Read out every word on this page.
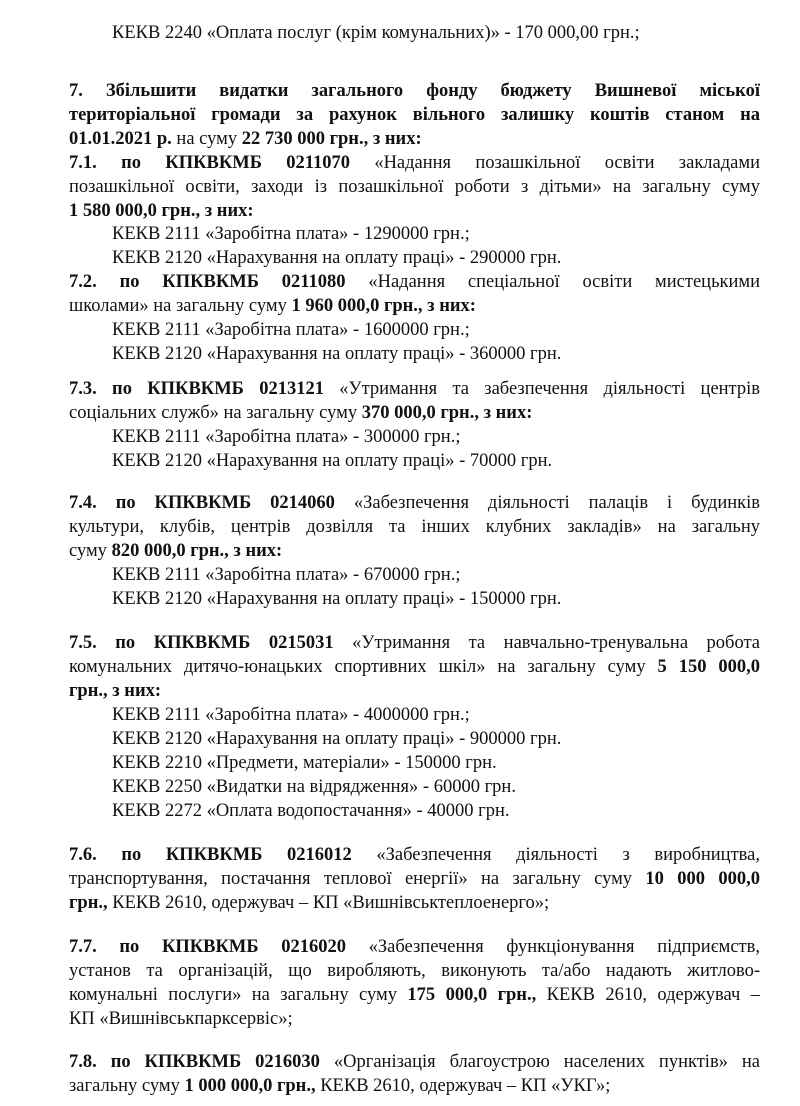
КЕКВ 2240 «Оплата послуг (крім комунальних)» - 170 000,00 грн.;
7. Збільшити видатки загального фонду бюджету Вишневої міської
територіальної громади за рахунок вільного залишку коштів станом на
01.01.2021 р. на суму 22 730 000 грн., з них:
7.1. по КПКВКМБ 0211070 «Надання позашкільної освіти закладами
позашкільної освіти, заходи із позашкільної роботи з дітьми» на загальну суму
1 580 000,0 грн., з них:
КЕКВ 2111 «Заробітна плата» - 1290000 грн.;
КЕКВ 2120 «Нарахування на оплату праці» - 290000 грн.
7.2. по КПКВКМБ 0211080 «Надання спеціальної освіти мистецькими
школами» на загальну суму 1 960 000,0 грн., з них:
КЕКВ 2111 «Заробітна плата» - 1600000 грн.;
КЕКВ 2120 «Нарахування на оплату праці» - 360000 грн.
7.3. по КПКВКМБ 0213121 «Утримання та забезпечення діяльності центрів
соціальних служб» на загальну суму 370 000,0 грн., з них:
КЕКВ 2111 «Заробітна плата» - 300000 грн.;
КЕКВ 2120 «Нарахування на оплату праці» - 70000 грн.
7.4. по КПКВКМБ 0214060 «Забезпечення діяльності палаців і будинків
культури, клубів, центрів дозвілля та інших клубних закладів» на загальну
суму 820 000,0 грн., з них:
КЕКВ 2111 «Заробітна плата» - 670000 грн.;
КЕКВ 2120 «Нарахування на оплату праці» - 150000 грн.
7.5. по КПКВКМБ 0215031 «Утримання та навчально-тренувальна робота
комунальних дитячо-юнацьких спортивних шкіл» на загальну суму 5 150 000,0
грн., з них:
КЕКВ 2111 «Заробітна плата» - 4000000 грн.;
КЕКВ 2120 «Нарахування на оплату праці» - 900000 грн.
КЕКВ 2210 «Предмети, матеріали» - 150000 грн.
КЕКВ 2250 «Видатки на відрядження» - 60000 грн.
КЕКВ 2272 «Оплата водопостачання» - 40000 грн.
7.6. по КПКВКМБ 0216012 «Забезпечення діяльності з виробництва,
транспортування, постачання теплової енергії» на загальну суму 10 000 000,0
грн., КЕКВ 2610, одержувач – КП «Вишнівськтеплоенерго»;
7.7. по КПКВКМБ 0216020 «Забезпечення функціонування підприємств,
установ та організацій, що виробляють, виконують та/або надають житлово-
комунальні послуги» на загальну суму 175 000,0 грн., КЕКВ 2610, одержувач –
КП «Вишнівськпарксервіс»;
7.8. по КПКВКМБ 0216030 «Організація благоустрою населених пунктів» на
загальну суму 1 000 000,0 грн., КЕКВ 2610, одержувач – КП «УКГ»;
